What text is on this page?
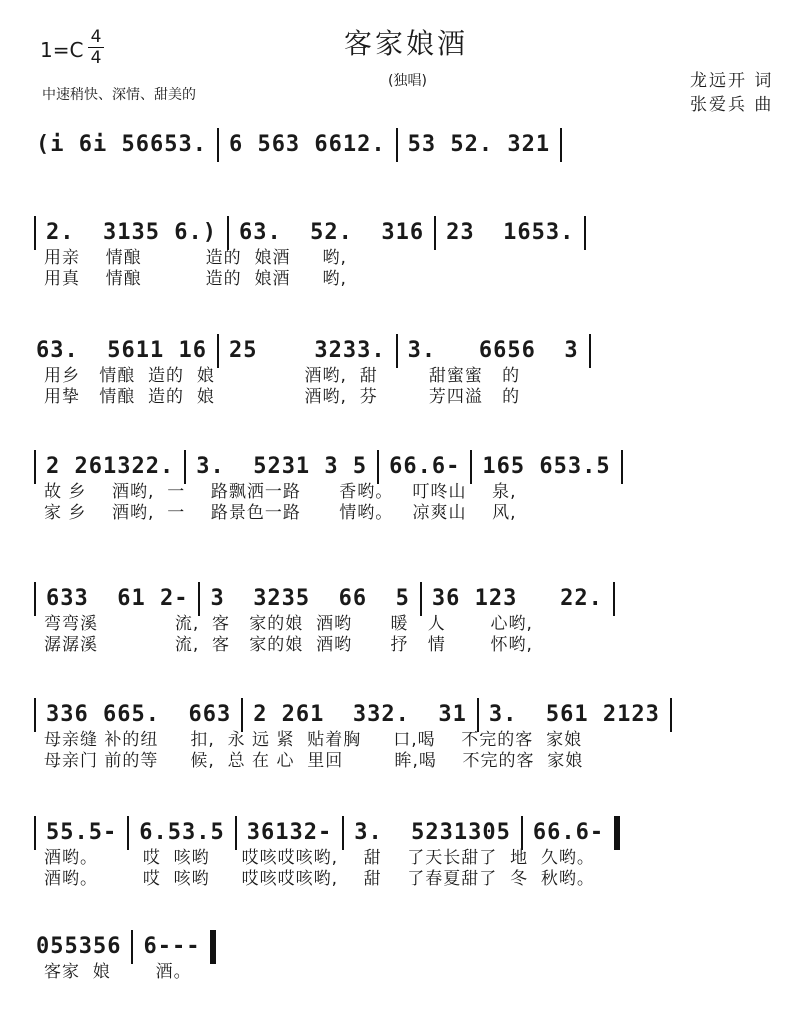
1=C
4
4
中速稍快、深情、甜美的
客家娘酒
(独唱)	龙远开 词
张爱兵 曲
(i 6i 56653. 6 563 6612. 53 52. 321
2.  3135 6.) 63.  52.  316 23  1653.
用亲    情酿          造的  娘酒     哟,
用真    情酿          造的  娘酒     哟,
63.  5611 16 25    3233. 3.   6656  3
用乡   情酿  造的  娘              酒哟,  甜        甜蜜蜜   的
用挚   情酿  造的  娘              酒哟,  芬        芳四溢   的
2 261322. 3.  5231 3 5 66.6- 165 653.5
故 乡    酒哟,  一    路飘洒一路      香哟。   叮咚山    泉,
家 乡    酒哟,  一    路景色一路      情哟。   凉爽山    风,
633  61 2- 3  3235  66  5 36 123   22.
弯弯溪            流,  客   家的娘  酒哟      暖   人       心哟,
潺潺溪            流,  客   家的娘  酒哟      抒   情       怀哟,
336 665.  663 2 261  332.  31 3.  561 2123
母亲缝 补的纽     扣,  永 远 紧  贴着胸     口,喝    不完的客  家娘
母亲门 前的等     候,  总 在 心  里回        眸,喝    不完的客  家娘
55.5- 6.53.5 36132- 3.  5231305 66.6-
酒哟。       哎  咳哟     哎咳哎咳哟,    甜    了天长甜了  地  久哟。
酒哟。       哎  咳哟     哎咳哎咳哟,    甜    了春夏甜了  冬  秋哟。
055356 6---
客家  娘       酒。
